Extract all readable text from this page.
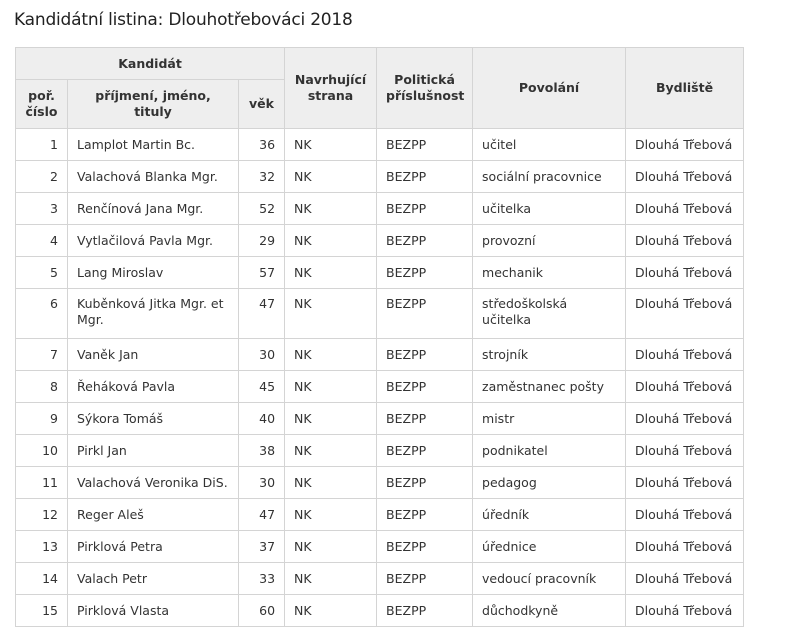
Kandidátní listina: Dlouhotřebováci 2018
Kandidát			Navrhující strana	Politická příslušnost	Povolání	Bydliště
poř. číslo	příjmení, jméno, tituly	věk				
1	Lamplot Martin Bc.	36	NK	BEZPP	učitel	Dlouhá Třebová
2	Valachová Blanka Mgr.	32	NK	BEZPP	sociální pracovnice	Dlouhá Třebová
3	Renčínová Jana Mgr.	52	NK	BEZPP	učitelka	Dlouhá Třebová
4	Vytlačilová Pavla Mgr.	29	NK	BEZPP	provozní	Dlouhá Třebová
5	Lang Miroslav	57	NK	BEZPP	mechanik	Dlouhá Třebová
6	Kuběnková Jitka Mgr. et Mgr.	47	NK	BEZPP	středoškolská učitelka	Dlouhá Třebová
7	Vaněk Jan	30	NK	BEZPP	strojník	Dlouhá Třebová
8	Řeháková Pavla	45	NK	BEZPP	zaměstnanec pošty	Dlouhá Třebová
9	Sýkora Tomáš	40	NK	BEZPP	mistr	Dlouhá Třebová
10	Pirkl Jan	38	NK	BEZPP	podnikatel	Dlouhá Třebová
11	Valachová Veronika DiS.	30	NK	BEZPP	pedagog	Dlouhá Třebová
12	Reger Aleš	47	NK	BEZPP	úředník	Dlouhá Třebová
13	Pirklová Petra	37	NK	BEZPP	úřednice	Dlouhá Třebová
14	Valach Petr	33	NK	BEZPP	vedoucí pracovník	Dlouhá Třebová
15	Pirklová Vlasta	60	NK	BEZPP	důchodkyně	Dlouhá Třebová
